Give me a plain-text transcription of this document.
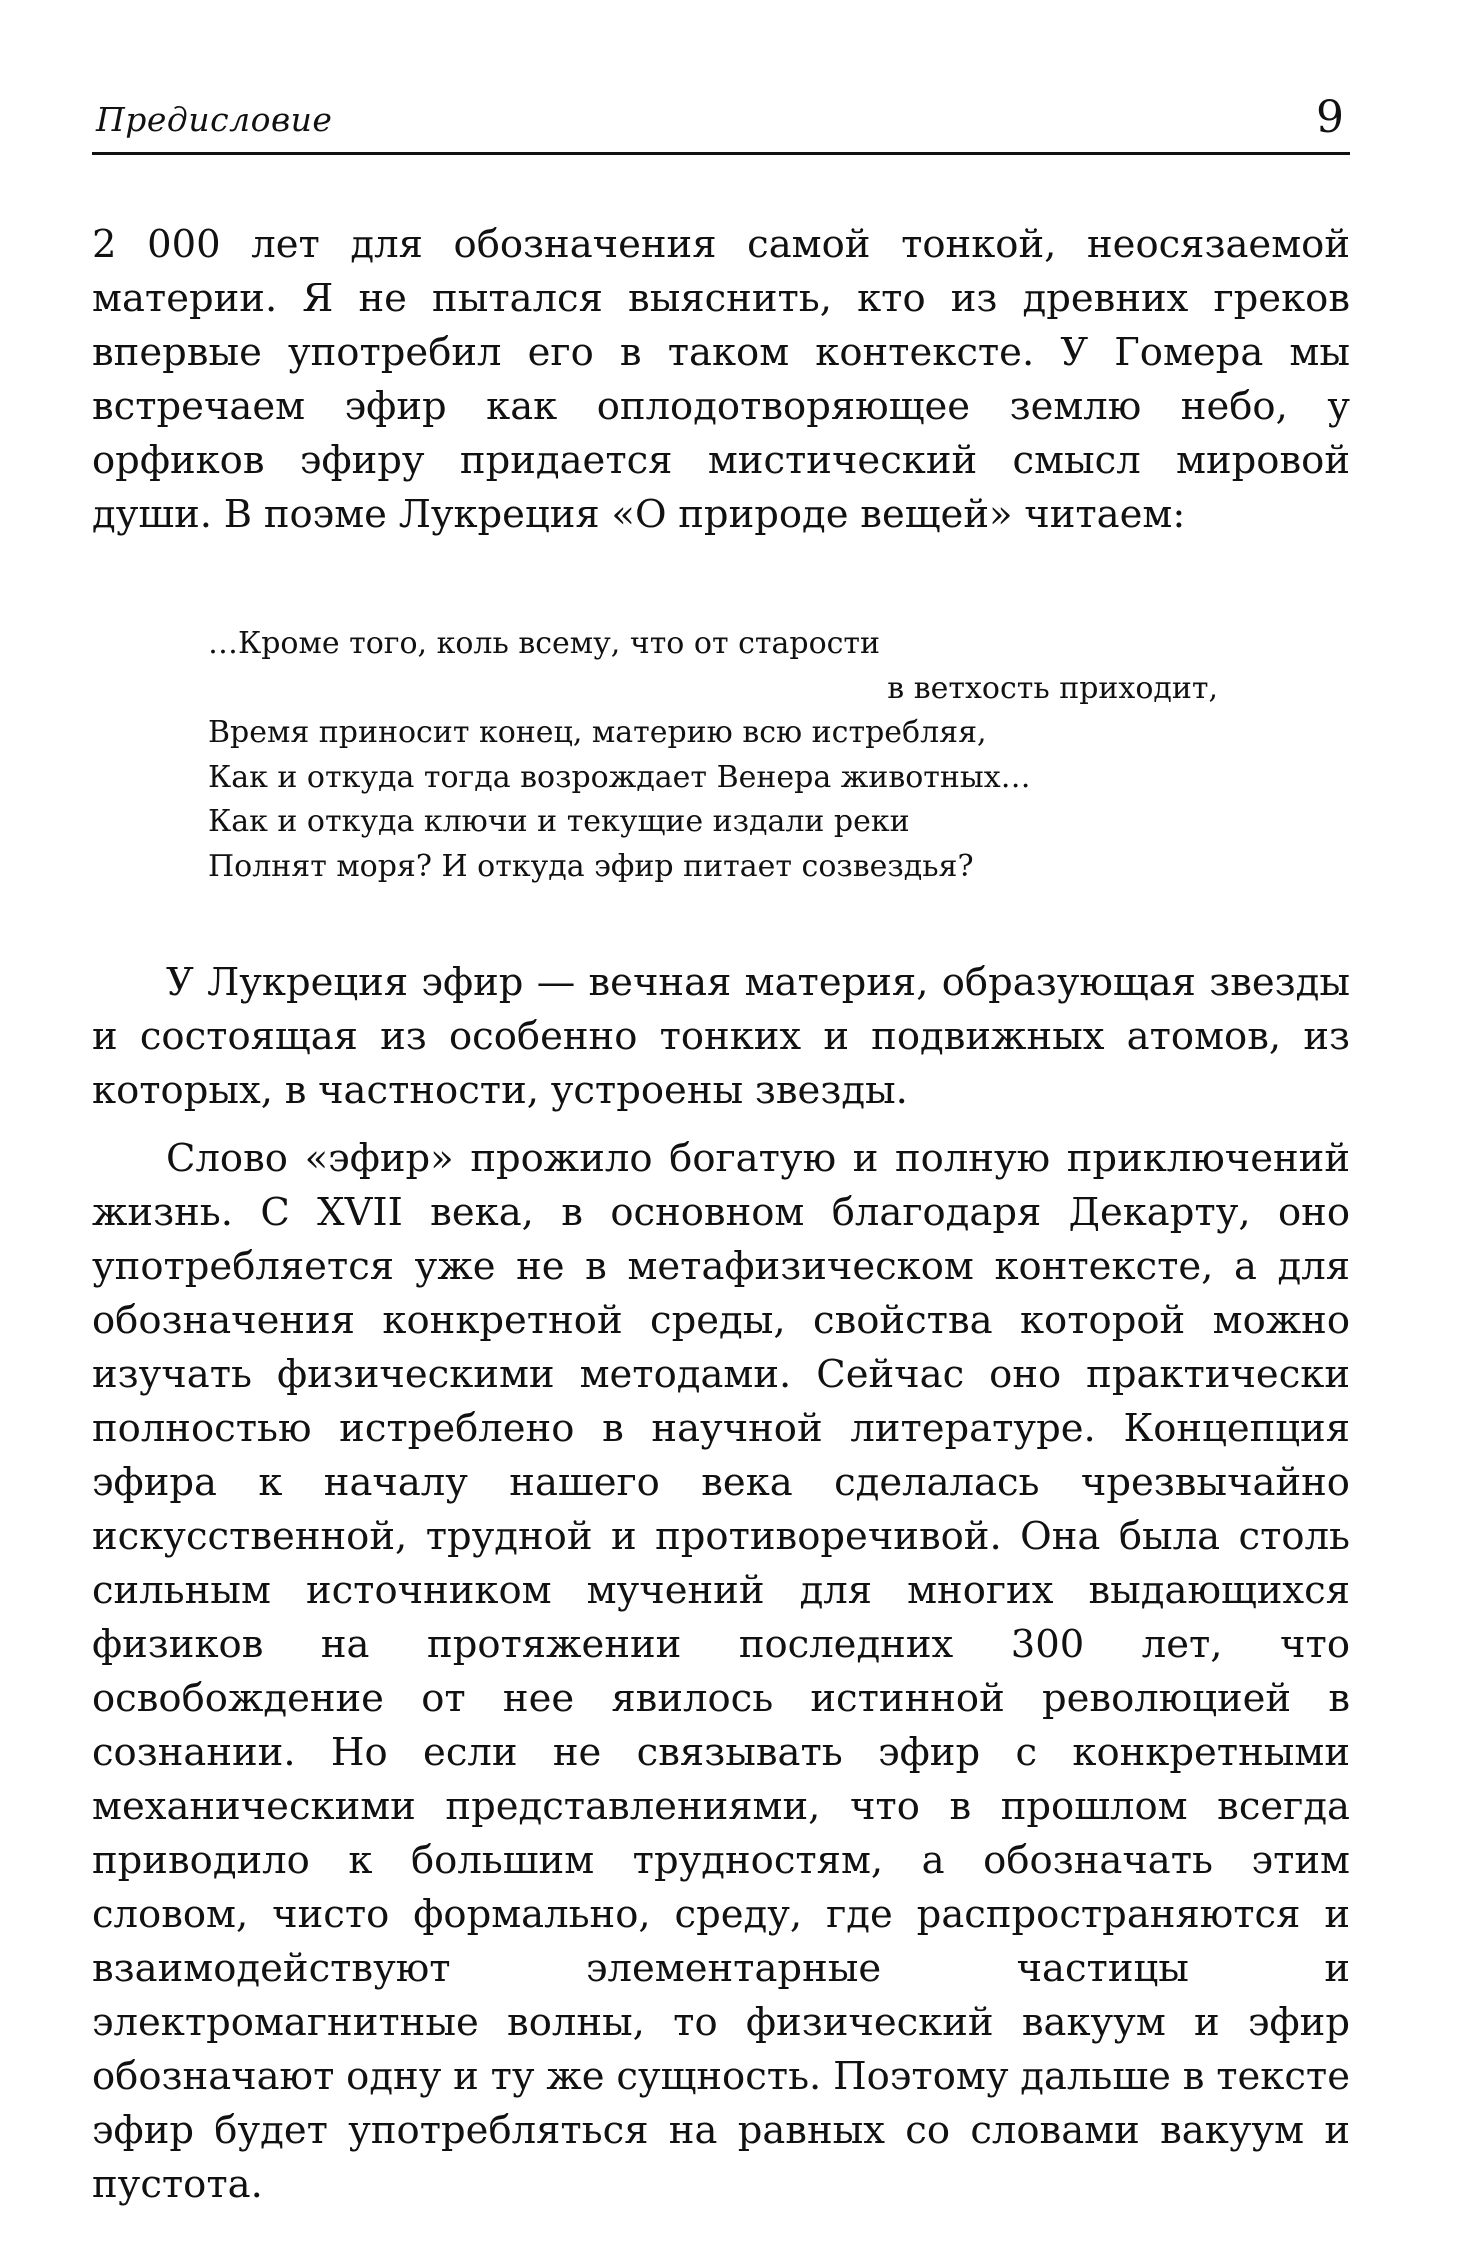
Предисловие	9

2 000 лет для обозначения самой тонкой, неосязаемой материи. Я не пытался выяснить, кто из древних греков впервые употребил его в таком контексте. У Гомера мы встречаем эфир как оплодотворяющее землю небо, у орфиков эфиру придается мистический смысл мировой души. В поэме Лукреция «О природе вещей» читаем:

…Кроме того, коль всему, что от старости
в ветхость приходит,
Время приносит конец, материю всю истребляя,
Как и откуда тогда возрождает Венера животных…
Как и откуда ключи и текущие издали реки
Полнят моря? И откуда эфир питает созвездья?

У Лукреция эфир — вечная материя, образующая звезды и состоящая из особенно тонких и подвижных атомов, из которых, в частности, устроены звезды.

Слово «эфир» прожило богатую и полную приключений жизнь. С XVII века, в основном благодаря Декарту, оно употребляется уже не в метафизическом контексте, а для обозначения конкретной среды, свойства которой можно изучать физическими методами. Сейчас оно практически полностью истреблено в научной литературе. Концепция эфира к началу нашего века сделалась чрезвычайно искусственной, трудной и противоречивой. Она была столь сильным источником мучений для многих выдающихся физиков на протяжении последних 300 лет, что освобождение от нее явилось истинной революцией в сознании. Но если не связывать эфир с конкретными механическими представлениями, что в прошлом всегда приводило к большим трудностям, а обозначать этим словом, чисто формально, среду, где распространяются и взаимодействуют элементарные частицы и электромагнитные волны, то физический вакуум и эфир обозначают одну и ту же сущность. Поэтому дальше в тексте эфир будет употребляться на равных со словами вакуум и пустота.
